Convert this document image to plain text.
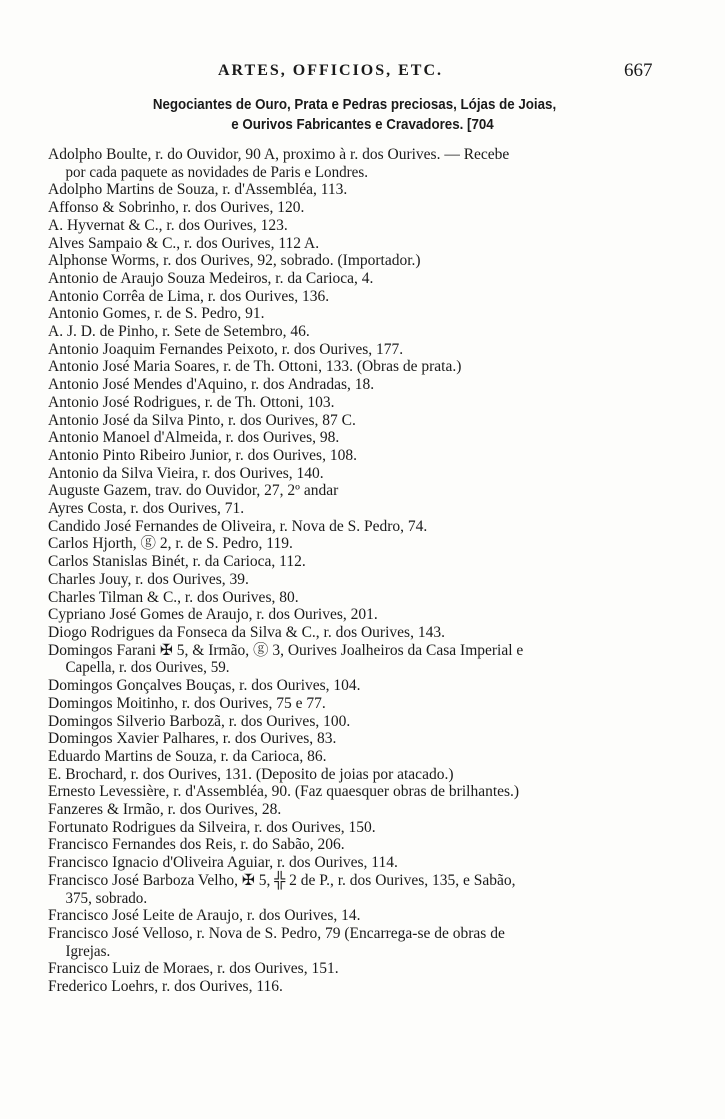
ARTES, OFFICIOS, ETC.	667
Negociantes de Ouro, Prata e Pedras preciosas, Lójas de Joias,
e Ourivos Fabricantes e Cravadores. [704
Adolpho Boulte, r. do Ouvidor, 90 A, proximo à r. dos Ourives. — Recebe
por cada paquete as novidades de Paris e Londres.
Adolpho Martins de Souza, r. d'Assembléa, 113.
Affonso & Sobrinho, r. dos Ourives, 120.
A. Hyvernat & C., r. dos Ourives, 123.
Alves Sampaio & C., r. dos Ourives, 112 A.
Alphonse Worms, r. dos Ourives, 92, sobrado. (Importador.)
Antonio de Araujo Souza Medeiros, r. da Carioca, 4.
Antonio Corrêa de Lima, r. dos Ourives, 136.
Antonio Gomes, r. de S. Pedro, 91.
A. J. D. de Pinho, r. Sete de Setembro, 46.
Antonio Joaquim Fernandes Peixoto, r. dos Ourives, 177.
Antonio José Maria Soares, r. de Th. Ottoni, 133. (Obras de prata.)
Antonio José Mendes d'Aquino, r. dos Andradas, 18.
Antonio José Rodrigues, r. de Th. Ottoni, 103.
Antonio José da Silva Pinto, r. dos Ourives, 87 C.
Antonio Manoel d'Almeida, r. dos Ourives, 98.
Antonio Pinto Ribeiro Junior, r. dos Ourives, 108.
Antonio da Silva Vieira, r. dos Ourives, 140.
Auguste Gazem, trav. do Ouvidor, 27, 2º andar
Ayres Costa, r. dos Ourives, 71.
Candido José Fernandes de Oliveira, r. Nova de S. Pedro, 74.
Carlos Hjorth, ⓖ 2, r. de S. Pedro, 119.
Carlos Stanislas Binét, r. da Carioca, 112.
Charles Jouy, r. dos Ourives, 39.
Charles Tilman & C., r. dos Ourives, 80.
Cypriano José Gomes de Araujo, r. dos Ourives, 201.
Diogo Rodrigues da Fonseca da Silva & C., r. dos Ourives, 143.
Domingos Farani ✠ 5, & Irmão, ⓖ 3, Ourives Joalheiros da Casa Imperial e
Capella, r. dos Ourives, 59.
Domingos Gonçalves Bouças, r. dos Ourives, 104.
Domingos Moitinho, r. dos Ourives, 75 e 77.
Domingos Silverio Barbozã, r. dos Ourives, 100.
Domingos Xavier Palhares, r. dos Ourives, 83.
Eduardo Martins de Souza, r. da Carioca, 86.
E. Brochard, r. dos Ourives, 131. (Deposito de joias por atacado.)
Ernesto Levessière, r. d'Assembléa, 90. (Faz quaesquer obras de brilhantes.)
Fanzeres & Irmão, r. dos Ourives, 28.
Fortunato Rodrigues da Silveira, r. dos Ourives, 150.
Francisco Fernandes dos Reis, r. do Sabão, 206.
Francisco Ignacio d'Oliveira Aguiar, r. dos Ourives, 114.
Francisco José Barboza Velho, ✠ 5, ╬ 2 de P., r. dos Ourives, 135, e Sabão,
375, sobrado.
Francisco José Leite de Araujo, r. dos Ourives, 14.
Francisco José Velloso, r. Nova de S. Pedro, 79 (Encarrega-se de obras de
Igrejas.
Francisco Luiz de Moraes, r. dos Ourives, 151.
Frederico Loehrs, r. dos Ourives, 116.
